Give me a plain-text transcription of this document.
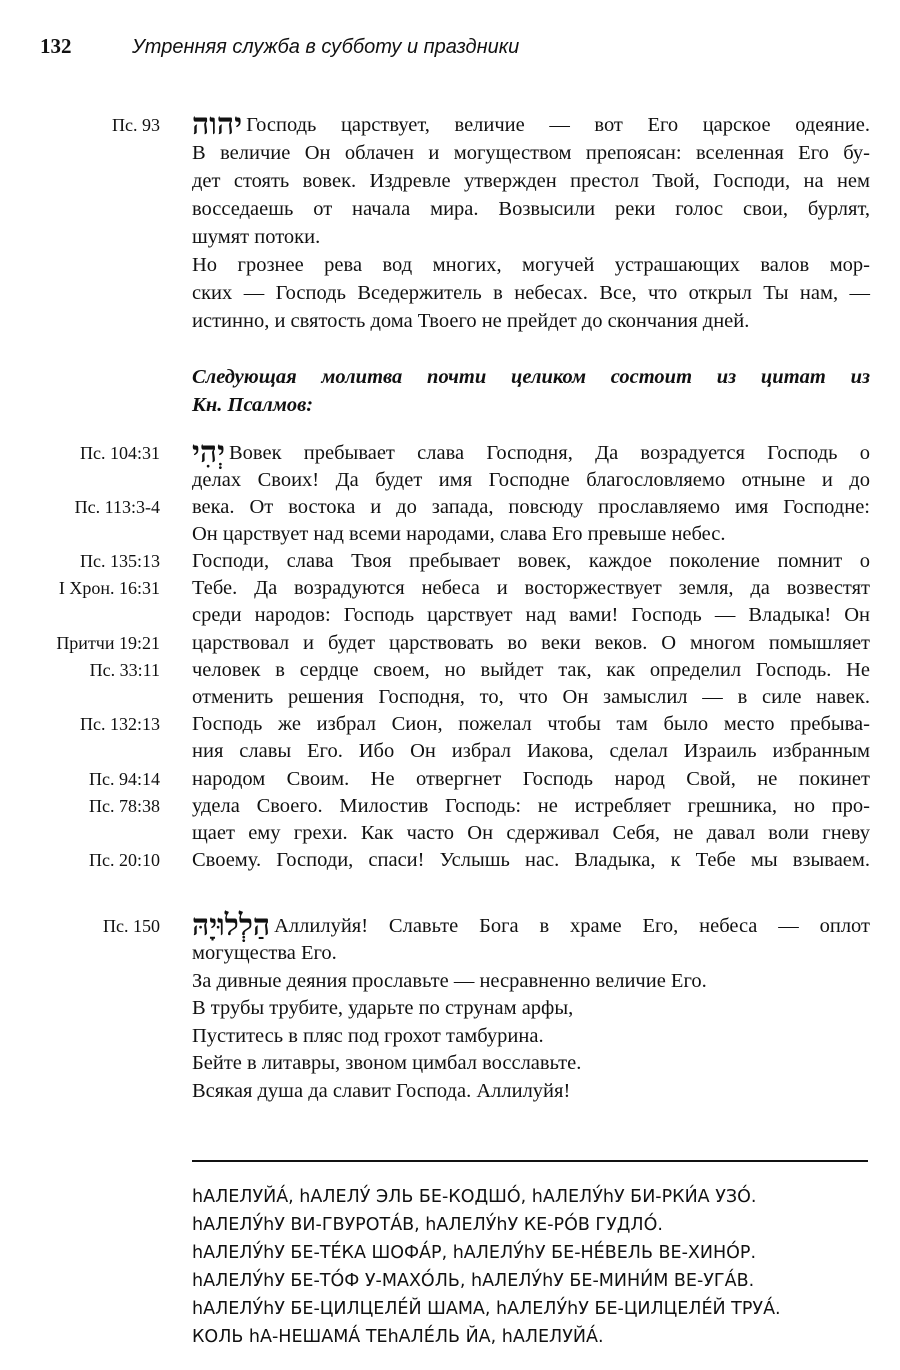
132	Утренняя служба в субботу и праздники
Пс. 93 יהוה Господь царствует, величие — вот Его царское одеяние.
В величие Он облачен и могуществом препоясан: вселенная Его бу-
дет стоять вовек. Издревле утвержден престол Твой, Господи, на нем
восседаешь от начала мира. Возвысили реки голос свои, бурлят,
шумят потоки.
Но грознее рева вод многих, могучей устрашающих валов мор-
ских — Господь Вседержитель в небесах. Все, что открыл Ты нам, —
истинно, и святость дома Твоего не прейдет до скончания дней.
Следующая молитва почти целиком состоит из цитат из
Кн. Псалмов:
Пс. 104:31
Пс. 113:3-4
Пс. 135:13
I Хрон. 16:31
Притчи 19:21
Пс. 33:11
Пс. 132:13
Пс. 94:14
Пс. 78:38
Пс. 20:10
יְהִי Вовек пребывает слава Господня, Да возрадуется Господь о
делах Своих! Да будет имя Господне благословляемо отныне и до
века. От востока и до запада, повсюду прославляемо имя Господне:
Он царствует над всеми народами, слава Его превыше небес.
Господи, слава Твоя пребывает вовек, каждое поколение помнит о
Тебе. Да возрадуются небеса и восторжествует земля, да возвестят
среди народов: Господь царствует над вами! Господь — Владыка! Он
царствовал и будет царствовать во веки веков. О многом помышляет
человек в сердце своем, но выйдет так, как определил Господь. Не
отменить решения Господня, то, что Он замыслил — в силе навек.
Господь же избрал Сион, пожелал чтобы там было место пребыва-
ния славы Его. Ибо Он избрал Иакова, сделал Израиль избранным
народом Своим. Не отвергнет Господь народ Свой, не покинет
удела Своего. Милостив Господь: не истребляет грешника, но про-
щает ему грехи. Как часто Он сдерживал Себя, не давал воли гневу
Своему. Господи, спаси! Услышь нас. Владыка, к Тебе мы взываем.
Пс. 150 הַלְלוּיָהּ Аллилуйя! Славьте Бога в храме Его, небеса — оплот
могущества Его.
За дивные деяния прославьте — несравненно величие Его.
В трубы трубите, ударьте по струнам арфы,
Пуститесь в пляс под грохот тамбурина.
Бейте в литавры, звоном цимбал восславьте.
Всякая душа да славит Господа. Аллилуйя!
hАЛЕЛУЙА́, hАЛЕЛУ́ ЭЛЬ БЕ-КОДШО́, hАЛЕЛУ́hУ БИ-РКИ́А УЗО́.
hАЛЕЛУ́hУ ВИ-ГВУРОТА́В, hАЛЕЛУ́hУ КЕ-РО́В ГУДЛО́.
hАЛЕЛУ́hУ БЕ-ТЕ́КА ШОФА́Р, hАЛЕЛУ́hУ БЕ-НЕ́ВЕЛЬ ВЕ-ХИНО́Р.
hАЛЕЛУ́hУ БЕ-ТО́Ф У-МАХО́ЛЬ, hАЛЕЛУ́hУ БЕ-МИНИ́М ВЕ-УГА́В.
hАЛЕЛУ́hУ БЕ-ЦИЛЦЕЛЕ́Й ШАМА, hАЛЕЛУ́hУ БЕ-ЦИЛЦЕЛЕ́Й ТРУА́.
КОЛЬ hА-НЕШАМА́ ТЕhАЛЕ́ЛЬ ЙА, hАЛЕЛУЙА́.
